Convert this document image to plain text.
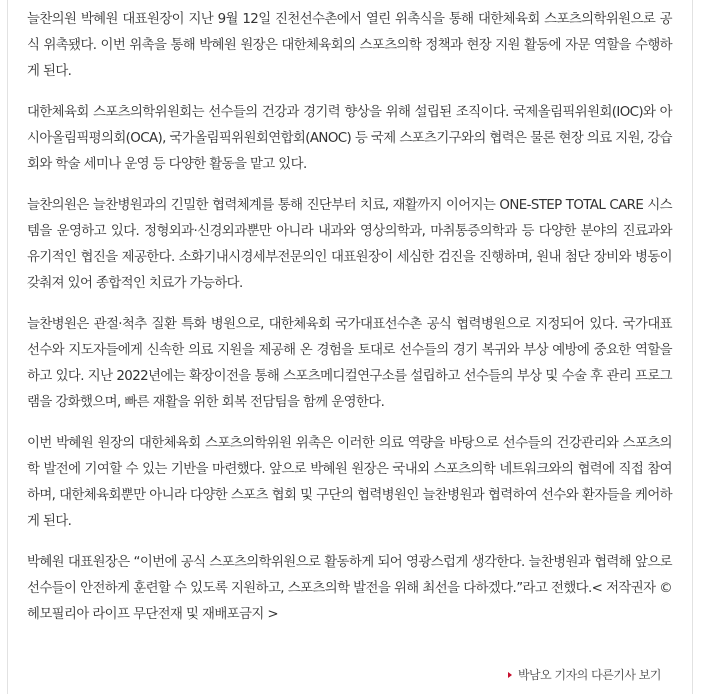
늘찬의원 박혜원 대표원장이 지난 9월 12일 진천선수촌에서 열린 위촉식을 통해 대한체육회 스포츠의학위원으로 공식 위촉됐다. 이번 위촉을 통해 박혜원 원장은 대한체육회의 스포츠의학 정책과 현장 지원 활동에 자문 역할을 수행하게 된다.

대한체육회 스포츠의학위원회는 선수들의 건강과 경기력 향상을 위해 설립된 조직이다. 국제올림픽위원회(IOC)와 아시아올림픽평의회(OCA), 국가올림픽위원회연합회(ANOC) 등 국제 스포츠기구와의 협력은 물론 현장 의료 지원, 강습회와 학술 세미나 운영 등 다양한 활동을 맡고 있다.

늘찬의원은 늘찬병원과의 긴밀한 협력체계를 통해 진단부터 치료, 재활까지 이어지는 ONE-STEP TOTAL CARE 시스템을 운영하고 있다. 정형외과·신경외과뿐만 아니라 내과와 영상의학과, 마취통증의학과 등 다양한 분야의 진료과와 유기적인 협진을 제공한다. 소화기내시경세부전문의인 대표원장이 세심한 검진을 진행하며, 원내 첨단 장비와 병동이 갖춰져 있어 종합적인 치료가 가능하다.

늘찬병원은 관절·척추 질환 특화 병원으로, 대한체육회 국가대표선수촌 공식 협력병원으로 지정되어 있다. 국가대표 선수와 지도자들에게 신속한 의료 지원을 제공해 온 경험을 토대로 선수들의 경기 복귀와 부상 예방에 중요한 역할을 하고 있다. 지난 2022년에는 확장이전을 통해 스포츠메디컬연구소를 설립하고 선수들의 부상 및 수술 후 관리 프로그램을 강화했으며, 빠른 재활을 위한 회복 전담팀을 함께 운영한다.

이번 박혜원 원장의 대한체육회 스포츠의학위원 위촉은 이러한 의료 역량을 바탕으로 선수들의 건강관리와 스포츠의학 발전에 기여할 수 있는 기반을 마련했다. 앞으로 박혜원 원장은 국내외 스포츠의학 네트워크와의 협력에 직접 참여하며, 대한체육회뿐만 아니라 다양한 스포츠 협회 및 구단의 협력병원인 늘찬병원과 협력하여 선수와 환자들을 케어하게 된다.

박혜원 대표원장은 “이번에 공식 스포츠의학위원으로 활동하게 되어 영광스럽게 생각한다. 늘찬병원과 협력해 앞으로 선수들이 안전하게 훈련할 수 있도록 지원하고, 스포츠의학 발전을 위해 최선을 다하겠다.”라고 전했다.< 저작권자 © 헤모필리아 라이프 무단전재 및 재배포금지 >

박남오 기자의 다른기사 보기
